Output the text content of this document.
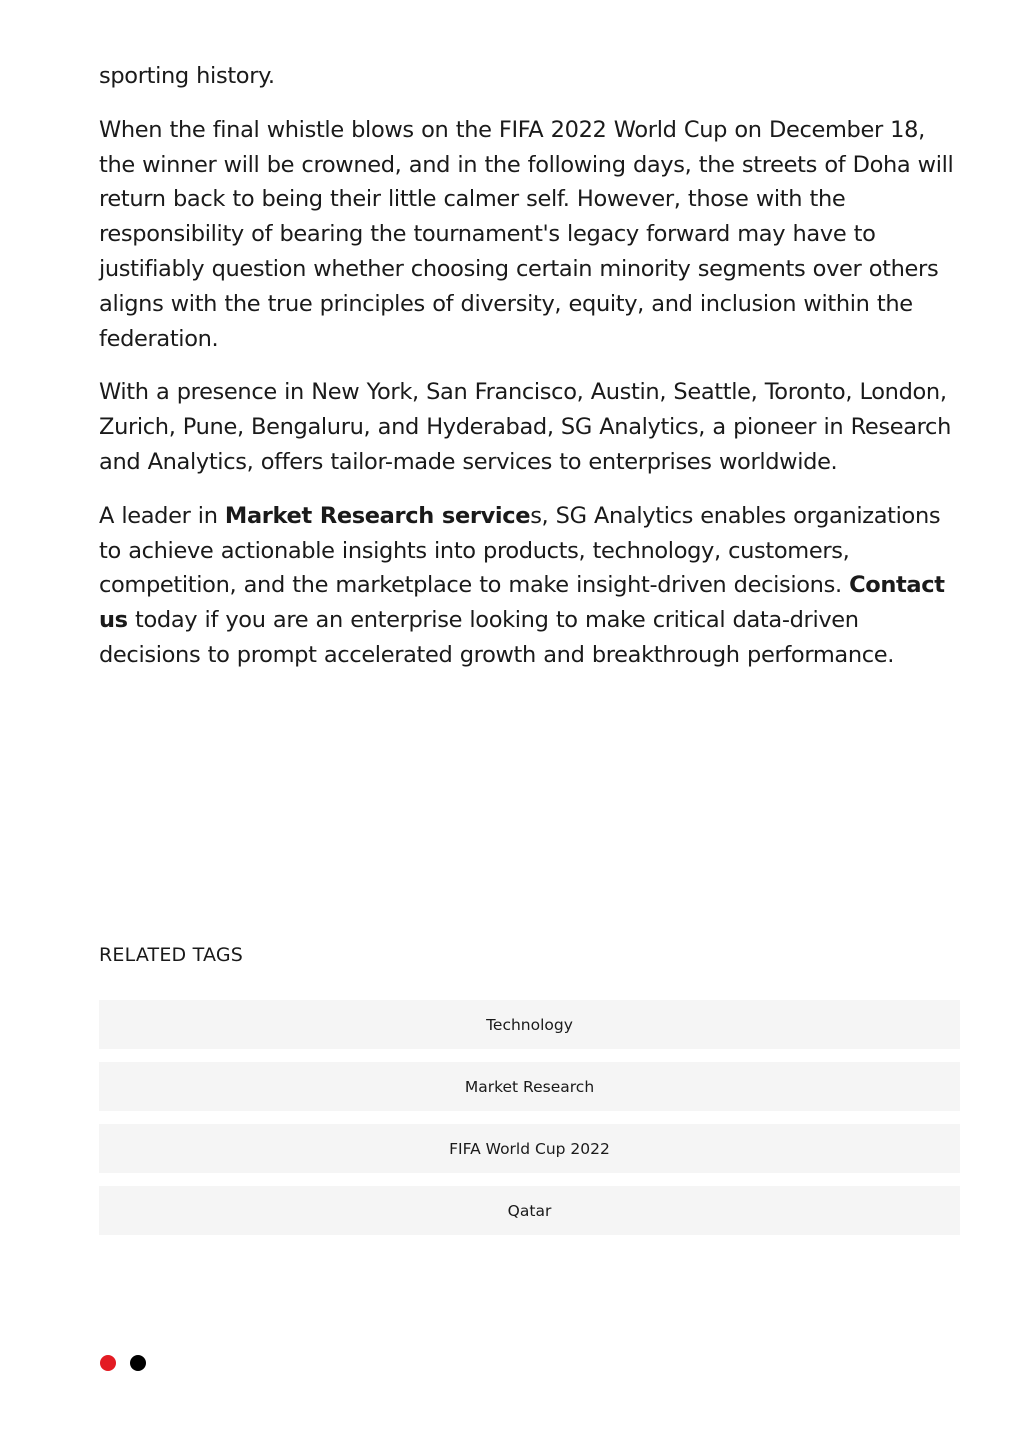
sporting history.

When the final whistle blows on the FIFA 2022 World Cup on December 18, the winner will be crowned, and in the following days, the streets of Doha will return back to being their little calmer self. However, those with the responsibility of bearing the tournament's legacy forward may have to justifiably question whether choosing certain minority segments over others aligns with the true principles of diversity, equity, and inclusion within the federation.

With a presence in New York, San Francisco, Austin, Seattle, Toronto, London, Zurich, Pune, Bengaluru, and Hyderabad, SG Analytics, a pioneer in Research and Analytics, offers tailor-made services to enterprises worldwide.

A leader in Market Research services, SG Analytics enables organizations to achieve actionable insights into products, technology, customers, competition, and the marketplace to make insight-driven decisions. Contact us today if you are an enterprise looking to make critical data-driven decisions to prompt accelerated growth and breakthrough performance.

RELATED TAGS
Technology
Market Research
FIFA World Cup 2022
Qatar
